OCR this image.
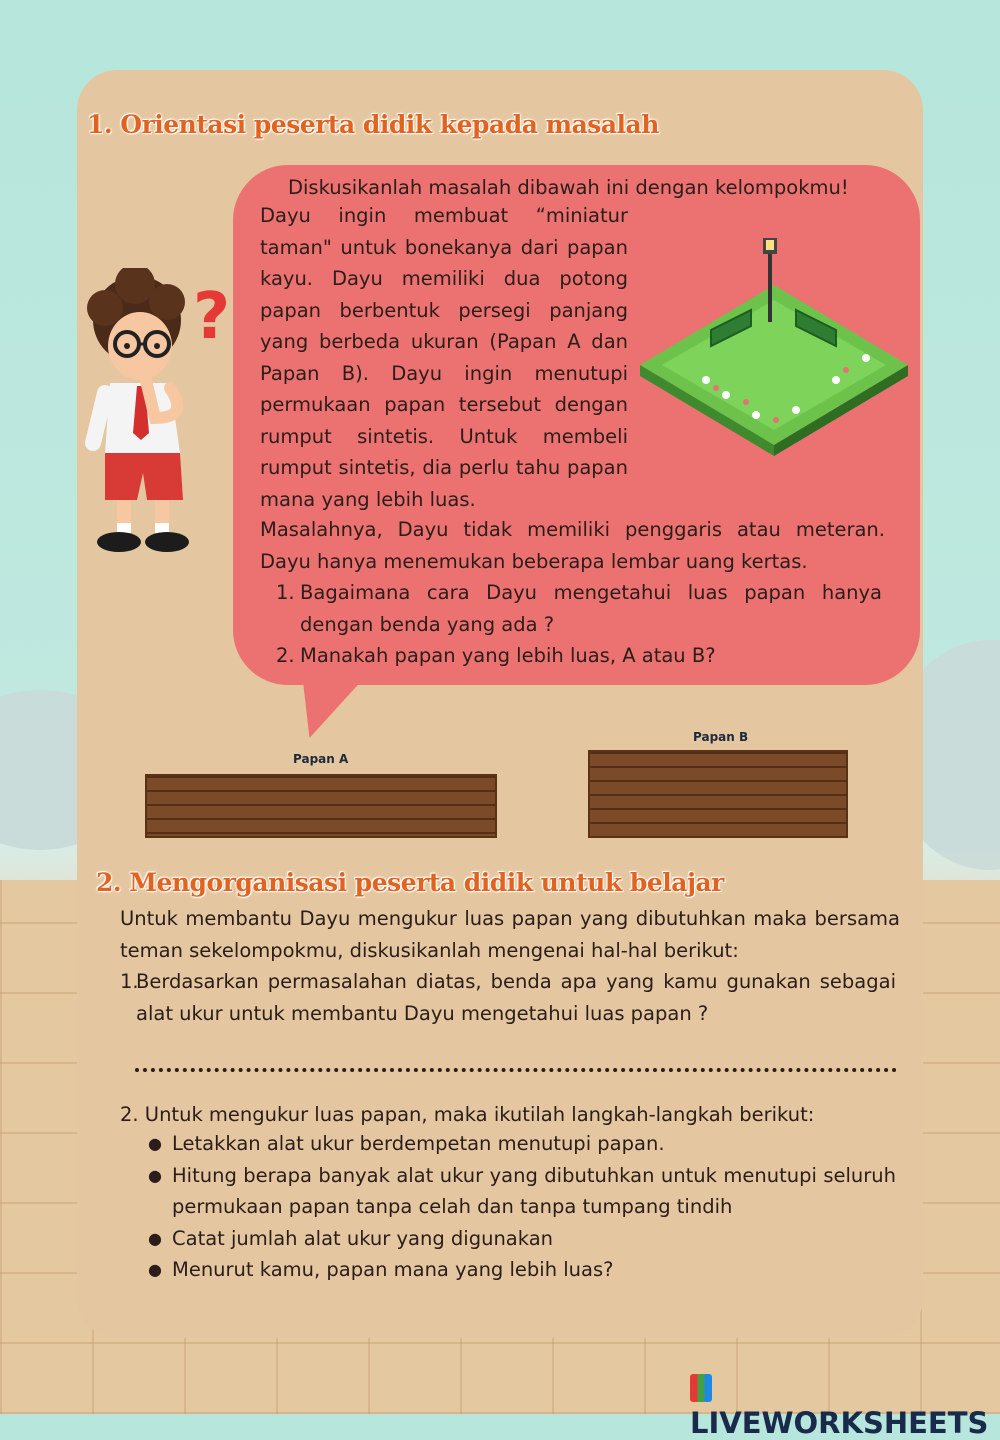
1. Orientasi peserta didik kepada masalah
?
Diskusikanlah masalah dibawah ini dengan kelompokmu!
Dayu ingin membuat “miniatur taman" untuk bonekanya dari papan kayu. Dayu memiliki dua potong papan berbentuk persegi panjang yang berbeda ukuran (Papan A dan Papan B). Dayu ingin menutupi permukaan papan tersebut dengan rumput sintetis. Untuk membeli rumput sintetis, dia perlu tahu papan mana yang lebih luas.
Masalahnya, Dayu tidak memiliki penggaris atau meteran. Dayu hanya menemukan beberapa lembar uang kertas.
1. Bagaimana cara Dayu mengetahui luas papan hanya dengan benda yang ada ?
2. Manakah papan yang lebih luas, A atau B?
Papan A
Papan B
2. Mengorganisasi peserta didik untuk belajar
Untuk membantu Dayu mengukur luas papan yang dibutuhkan maka bersama teman sekelompokmu, diskusikanlah mengenai hal-hal berikut:
1.
Berdasarkan permasalahan diatas, benda apa yang kamu gunakan sebagai alat ukur untuk membantu Dayu mengetahui luas papan ?
2. Untuk mengukur luas papan, maka ikutilah langkah-langkah berikut:
● Letakkan alat ukur berdempetan menutupi papan.
● Hitung berapa banyak alat ukur yang dibutuhkan untuk menutupi seluruh permukaan papan tanpa celah dan tanpa tumpang tindih
● Catat jumlah alat ukur yang digunakan
● Menurut kamu, papan mana yang lebih luas?
LIVEWORKSHEETS
